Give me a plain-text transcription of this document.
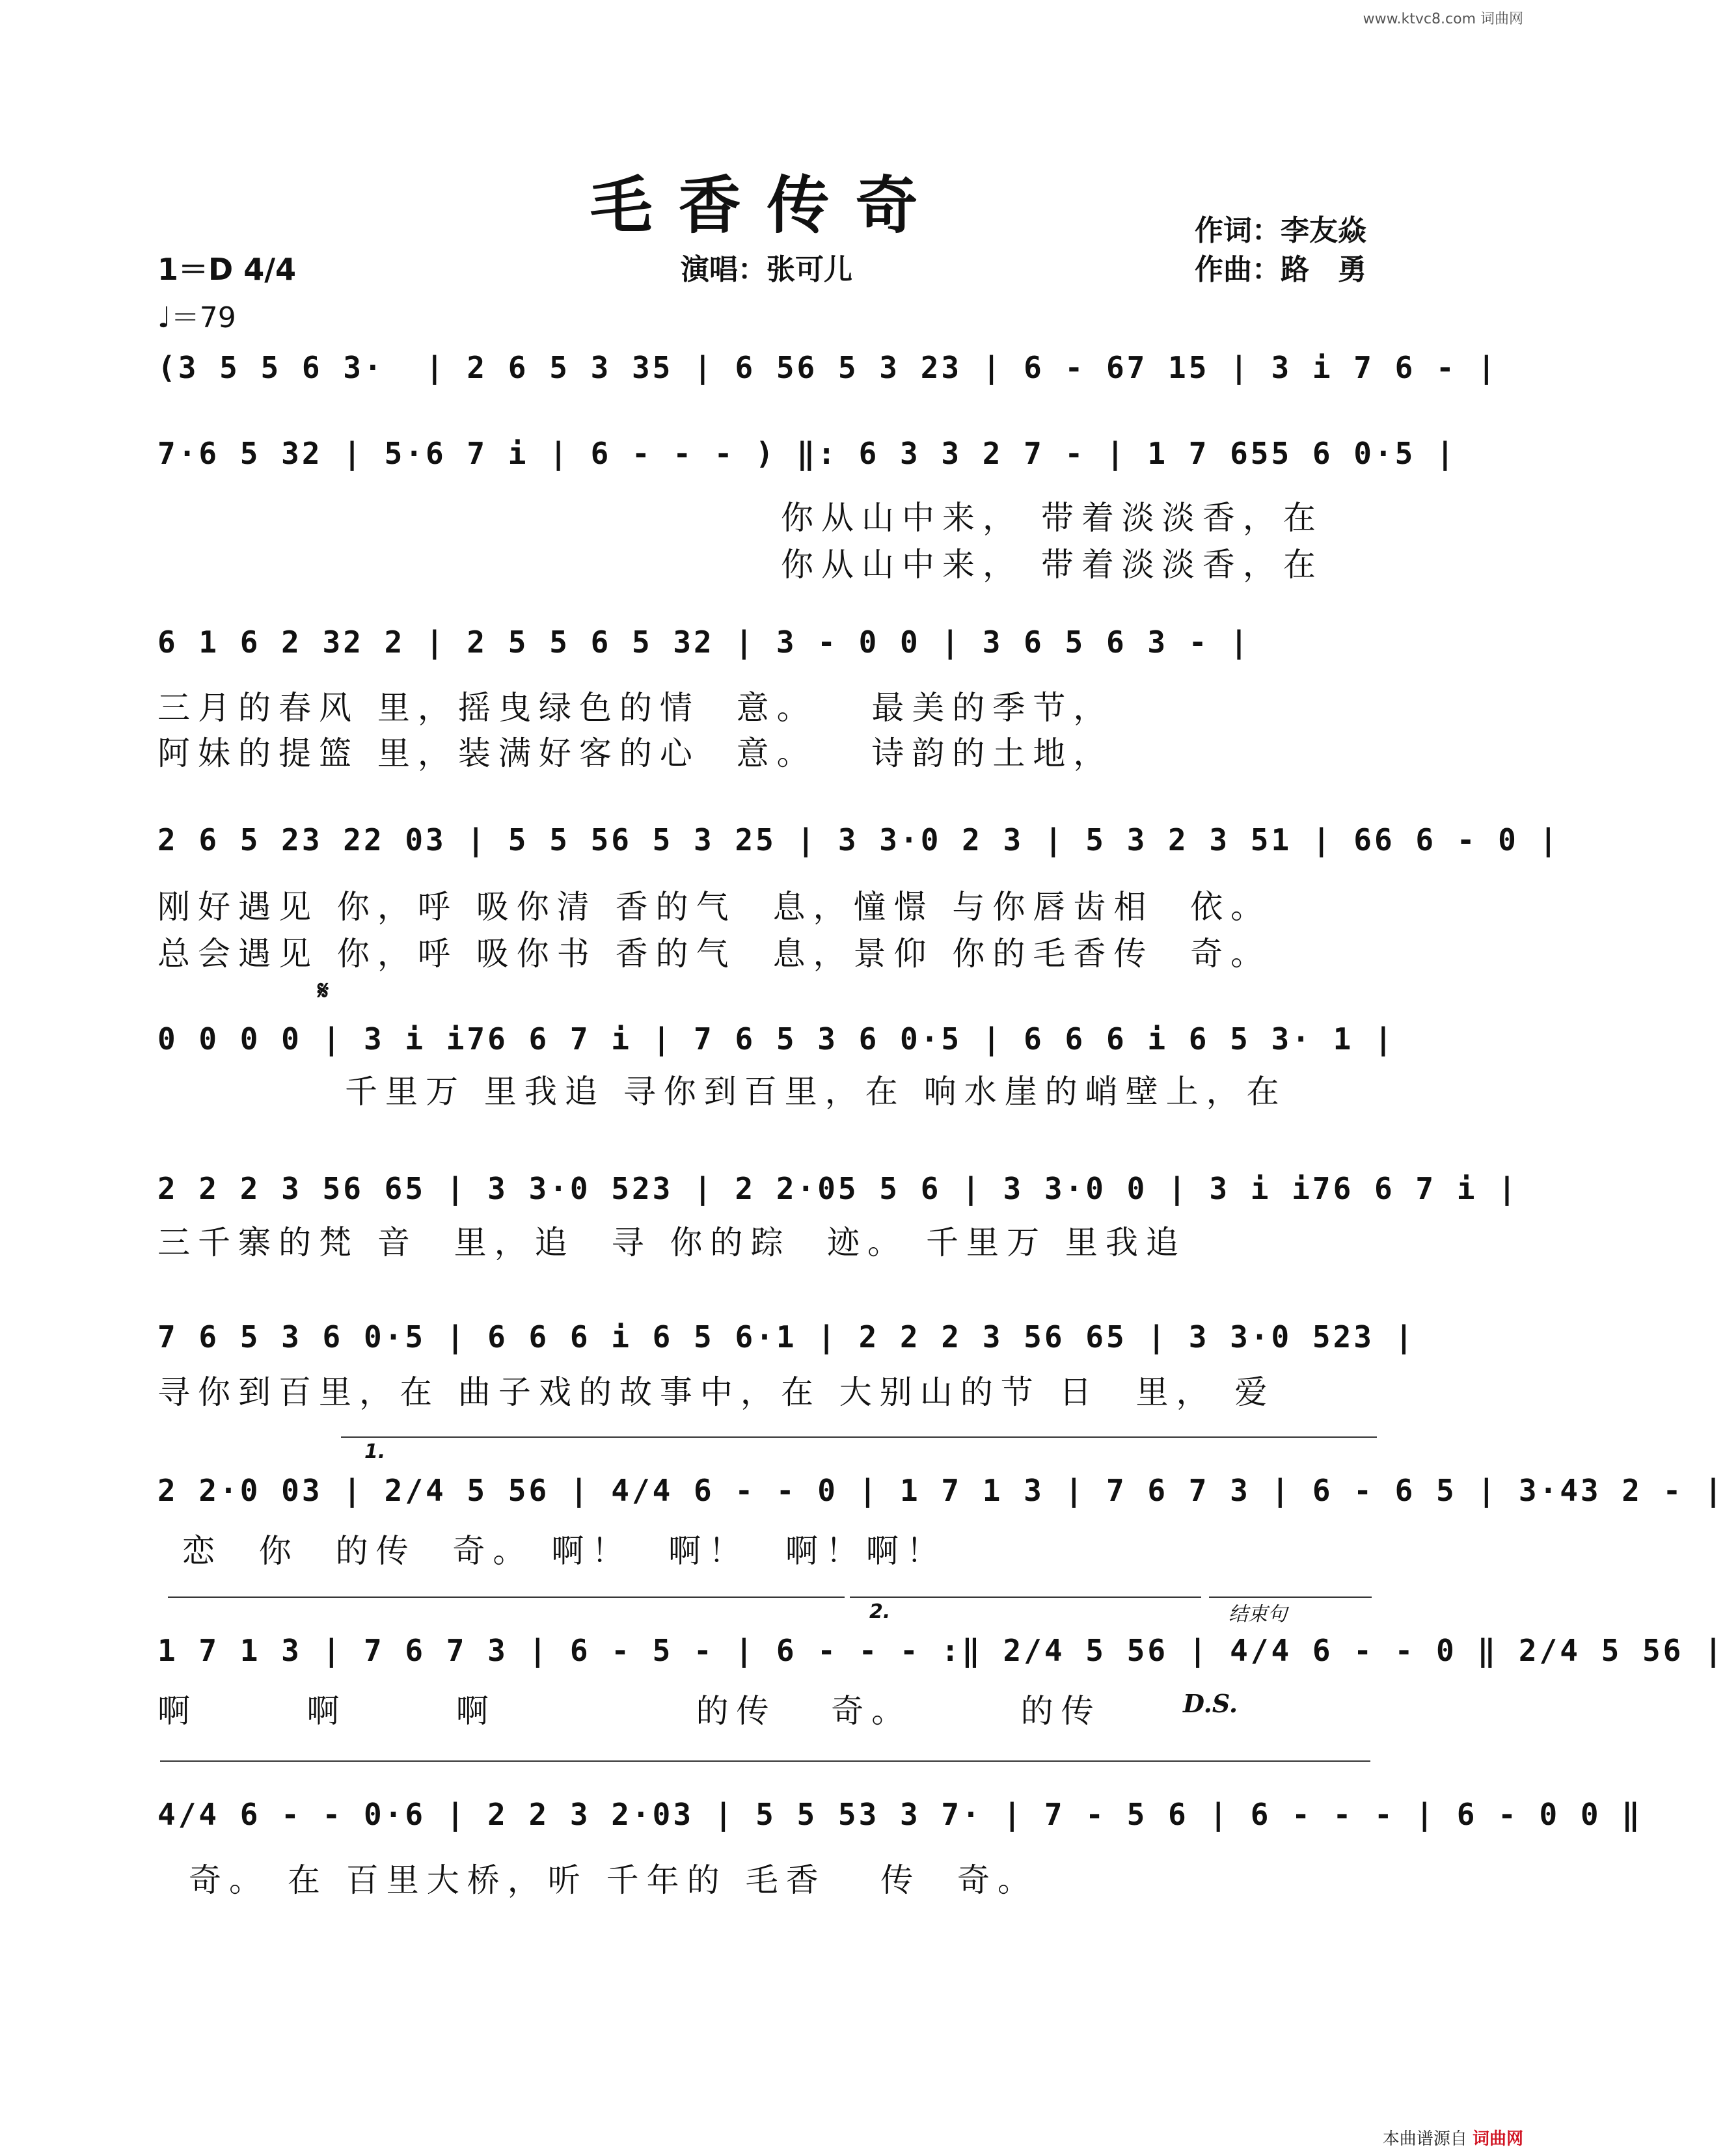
www.ktvc8.com 词曲网
本曲谱源自 词曲网
毛香传奇	作词：李友焱
作曲：路　勇
演唱：张可儿
1＝D 4/4
♩＝79
(3 5 5 6 3·  | 2 6 5 3 35 | 6 56 5 3 23 | 6 - 67 15 | 3 i 7 6 - |
7·6 5 32 | 5·6 7 i | 6 - - - ) ‖: 6 3 3 2 7 - | 1 7 655 6 0·5 |
你从山中来， 带着淡淡香，在
你从山中来， 带着淡淡香，在
6 1 6 2 32 2 | 2 5 5 6 5 32 | 3 - 0 0 | 3 6 5 6 3 - |
三月的春风 里，摇曳绿色的情  意。   最美的季节，
阿妹的提篮 里，装满好客的心  意。   诗韵的土地，
2 6 5 23 22 03 | 5 5 56 5 3 25 | 3 3·0 2 3 | 5 3 2 3 51 | 66 6 - 0 |
刚好遇见 你，呼 吸你清 香的气  息，憧憬 与你唇齿相  依。
总会遇见 你，呼 吸你书 香的气  息，景仰 你的毛香传  奇。
𝄋
0 0 0 0 | 3 i i76 6 7 i | 7 6 5 3 6 0·5 | 6 6 6 i 6 5 3· 1 |
千里万 里我追 寻你到百里，在 响水崖的峭壁上，在
2 2 2 3 56 65 | 3 3·0 523 | 2 2·05 5 6 | 3 3·0 0 | 3 i i76 6 7 i |
三千寨的梵 音  里，追  寻 你的踪  迹。 千里万 里我追
7 6 5 3 6 0·5 | 6 6 6 i 6 5 6·1 | 2 2 2 3 56 65 | 3 3·0 523 |
寻你到百里，在 曲子戏的故事中，在 大别山的节 日  里， 爱
1.
2 2·0 03 | 2/4 5 56 | 4/4 6 - - 0 | 1 7 1 3 | 7 6 7 3 | 6 - 6 5 | 3·43 2 - |
恋  你  的传  奇。 啊！  啊！  啊！啊！
2.	结束句
1 7 1 3 | 7 6 7 3 | 6 - 5 - | 6 - - - :‖ 2/4 5 56 | 4/4 6 - - 0 ‖ 2/4 5 56 |
啊      啊      啊           的传   奇。      的传	D.S.
4/4 6 - - 0·6 | 2 2 3 2·03 | 5 5 53 3 7· | 7 - 5 6 | 6 - - - | 6 - 0 0 ‖
奇。 在 百里大桥，听 千年的 毛香   传  奇。
